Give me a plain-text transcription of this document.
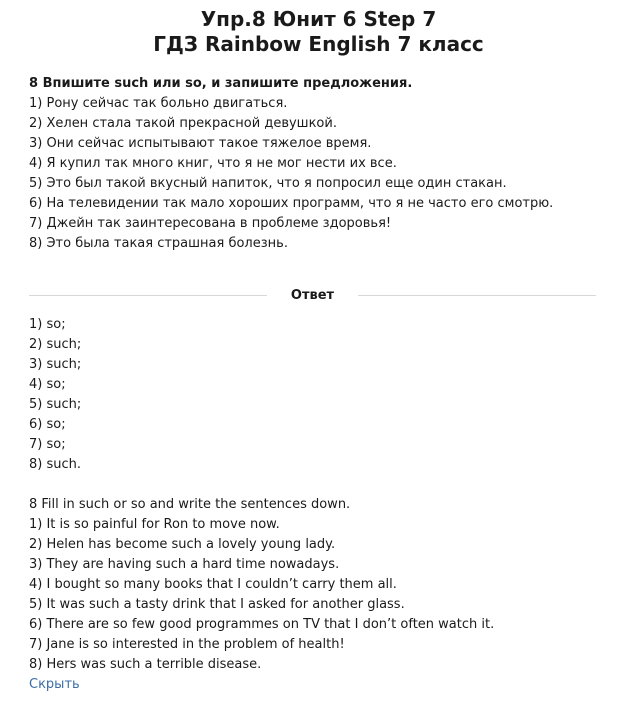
Упр.8 Юнит 6 Step 7
ГДЗ Rainbow English 7 класс

8 Впишите such или so, и запишите предложения.

1) Рону сейчас так больно двигаться.

2) Хелен стала такой прекрасной девушкой.

3) Они сейчас испытывают такое тяжелое время.

4) Я купил так много книг, что я не мог нести их все.

5) Это был такой вкусный напиток, что я попросил еще один стакан.

6) На телевидении так мало хороших программ, что я не часто его смотрю.

7) Джейн так заинтересована в проблеме здоровья!

8) Это была такая страшная болезнь.

Ответ

1) so;

2) such;

3) such;

4) so;

5) such;

6) so;

7) so;

8) such.

8 Fill in such or so and write the sentences down.

1) It is so painful for Ron to move now.

2) Helen has become such a lovely young lady.

3) They are having such a hard time nowadays.

4) I bought so many books that I couldn’t carry them all.

5) It was such a tasty drink that I asked for another glass.

6) There are so few good programmes on TV that I don’t often watch it.

7) Jane is so interested in the problem of health!

8) Hers was such a terrible disease.

Скрыть
